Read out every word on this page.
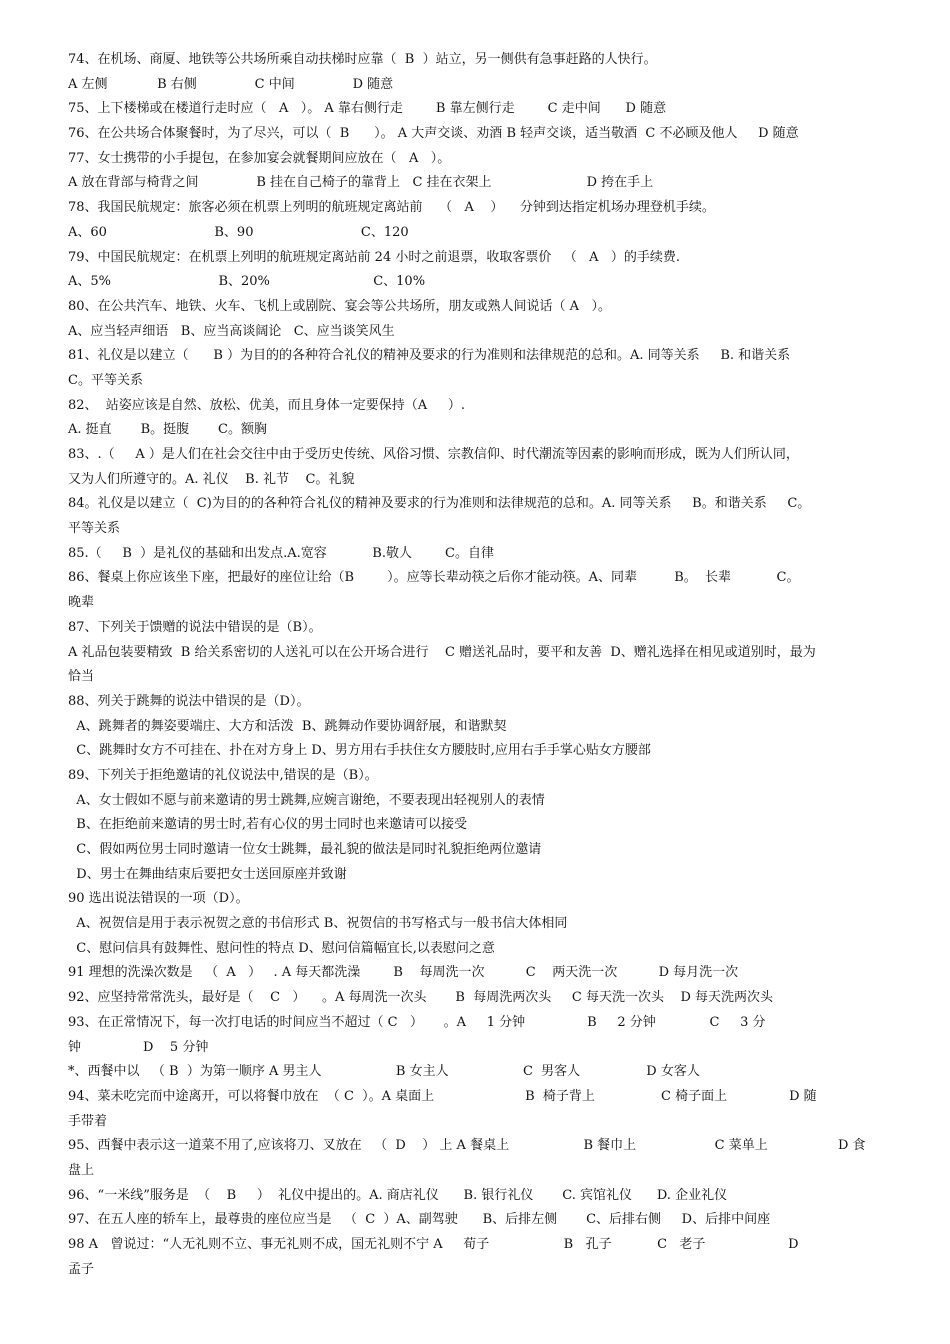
74、在机场、商厦、地铁等公共场所乘自动扶梯时应靠（  B  ）站立，另一侧供有急事赶路的人快行。
A 左侧            B 右侧              C 中间              D 随意
75、上下楼梯或在楼道行走时应（   A   ）。 A 靠右侧行走        B 靠左侧行走        C 走中间      D 随意
76、在公共场合体聚餐时，为了尽兴，可以（  B      ）。 A 大声交谈、劝酒 B 轻声交谈，适当敬酒  C 不必顾及他人     D 随意
77、女士携带的小手提包，在参加宴会就餐期间应放在（   A   ）。
A 放在背部与椅背之间              B 挂在自己椅子的靠背上   C 挂在衣架上                       D 挎在手上
78、我国民航规定：旅客必须在机票上列明的航班规定离站前    （   A    ）    分钟到达指定机场办理登机手续。
A、60                          B、90                          C、120
79、中国民航规定：在机票上列明的航班规定离站前 24 小时之前退票，收取客票价   （   A   ）的手续费.
A、5%                          B、20%                         C、10%
80、在公共汽车、地铁、火车、飞机上或剧院、宴会等公共场所，朋友或熟人间说话（ A   ）。
A、应当轻声细语   B、应当高谈阔论   C、应当谈笑风生
81、礼仪是以建立（      B ）为目的的各种符合礼仪的精神及要求的行为准则和法律规范的总和。A. 同等关系     B. 和谐关系
C。平等关系
82、  站姿应该是自然、放松、优美，而且身体一定要保持（A     ）.
A. 挺直       B。挺腹       C。额胸
83、.（     A ）是人们在社会交往中由于受历史传统、风俗习惯、宗教信仰、时代潮流等因素的影响而形成，既为人们所认同，
又为人们所遵守的。A. 礼仪    B. 礼节    C。礼貌
84。礼仪是以建立（  C)为目的的各种符合礼仪的精神及要求的行为准则和法律规范的总和。A. 同等关系     B。和谐关系     C。
平等关系
85.（     B  ）是礼仪的基础和出发点.A.宽容           B.敬人        C。自律
86、餐桌上你应该坐下座，把最好的座位让给（B        ）。应等长辈动筷之后你才能动筷。A、同辈         B。  长辈           C。
晚辈
87、下列关于馈赠的说法中错误的是（B）。
A 礼品包装要精致  B 给关系密切的人送礼可以在公开场合进行    C 赠送礼品时，要平和友善  D、赠礼选择在相见或道别时，最为
恰当
88、列关于跳舞的说法中错误的是（D）。
A、跳舞者的舞姿要端庄、大方和活泼  B、跳舞动作要协调舒展，和谐默契
C、跳舞时女方不可挂在、扑在对方身上 D、男方用右手扶住女方腰肢时,应用右手手掌心贴女方腰部
89、下列关于拒绝邀请的礼仪说法中,错误的是（B）。
A、女士假如不愿与前来邀请的男士跳舞,应婉言谢绝，不要表现出轻视别人的表情
B、在拒绝前来邀请的男士时,若有心仪的男士同时也来邀请可以接受
C、假如两位男士同时邀请一位女士跳舞，最礼貌的做法是同时礼貌拒绝两位邀请
D、男士在舞曲结束后要把女士送回原座并致谢
90 选出说法错误的一项（D）。
A、祝贺信是用于表示祝贺之意的书信形式 B、祝贺信的书写格式与一般书信大体相同
C、慰问信具有鼓舞性、慰问性的特点 D、慰问信篇幅宜长,以表慰问之意
91 理想的洗澡次数是   （  A   ）   . A 每天都洗澡        B    每周洗一次          C    两天洗一次          D 每月洗一次
92、应坚持常常洗头，最好是（    C   ）    。A 每周洗一次头       B  每周洗两次头     C 每天洗一次头    D 每天洗两次头
93、在正常情况下，每一次打电话的时间应当不超过（ C   ）     。A     1 分钟               B     2 分钟             C     3 分
钟               D    5 分钟
*、西餐中以   （ B  ）为第一顺序 A 男主人                  B 女主人                  C  男客人                D 女客人
94、菜未吃完而中途离开，可以将餐巾放在  （ C  ）。A 桌面上                      B  椅子背上                C 椅子面上               D 随
手带着
95、西餐中表示这一道菜不用了,应该将刀、叉放在   （  D    ） 上 A 餐桌上                  B 餐巾上                   C 菜单上                 D 食
盘上
96、“一米线”服务是  （    B     ）  礼仪中提出的。A. 商店礼仪      B. 银行礼仪       C. 宾馆礼仪      D. 企业礼仪
97、在五人座的轿车上，最尊贵的座位应当是   （  C  ）A、副驾驶      B、后排左侧       C、后排右侧     D、后排中间座
98 A   曾说过：“人无礼则不立、事无礼则不成，国无礼则不宁 A     荀子                  B   孔子           C   老子                    D
孟子
